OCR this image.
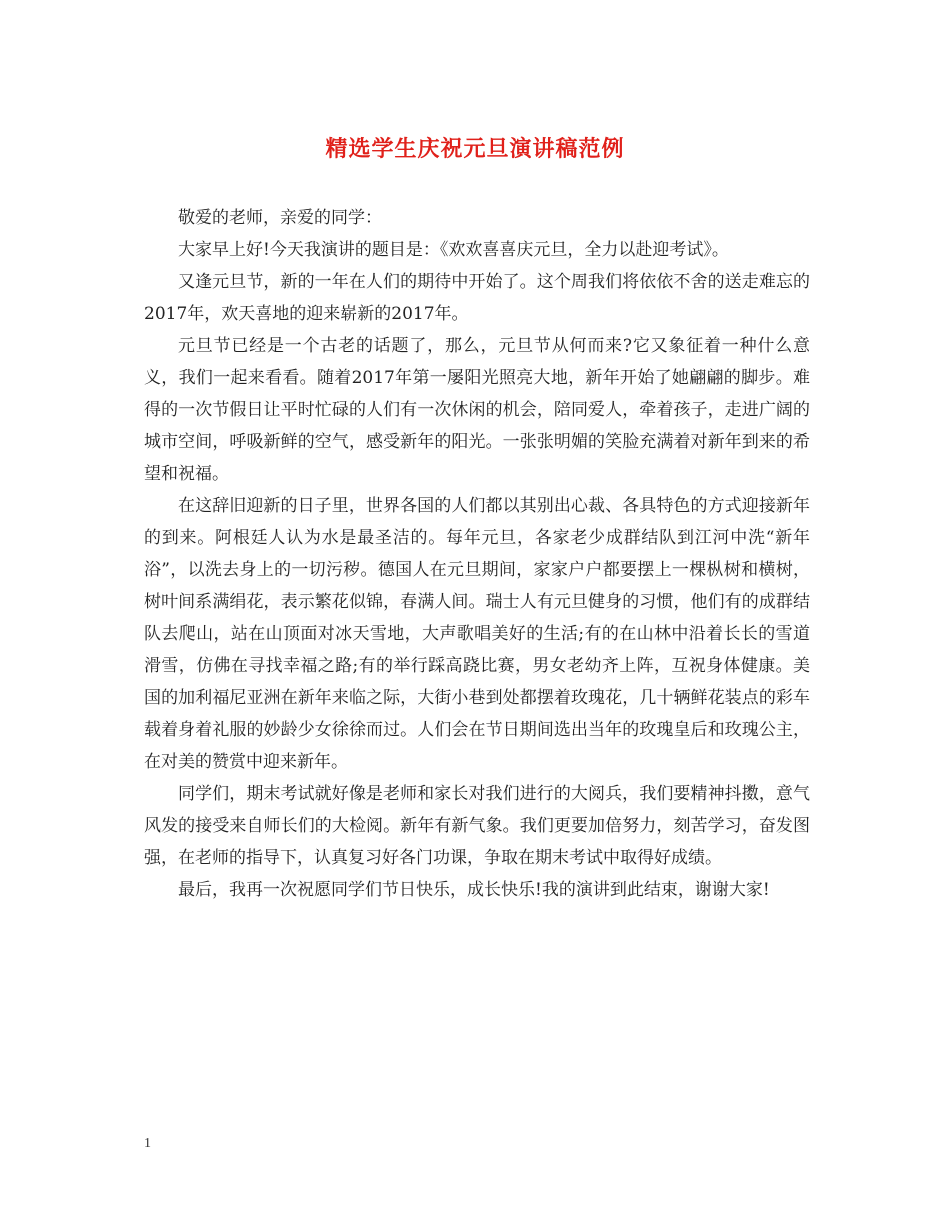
精选学生庆祝元旦演讲稿范例

敬爱的老师，亲爱的同学：

大家早上好!今天我演讲的题目是：《欢欢喜喜庆元旦，全力以赴迎考试》。

又逢元旦节，新的一年在人们的期待中开始了。这个周我们将依依不舍的送走难忘的2017年，欢天喜地的迎来崭新的2017年。

元旦节已经是一个古老的话题了，那么，元旦节从何而来?它又象征着一种什么意义，我们一起来看看。随着2017年第一屡阳光照亮大地，新年开始了她翩翩的脚步。难得的一次节假日让平时忙碌的人们有一次休闲的机会，陪同爱人，牵着孩子，走进广阔的城市空间，呼吸新鲜的空气，感受新年的阳光。一张张明媚的笑脸充满着对新年到来的希望和祝福。

在这辞旧迎新的日子里，世界各国的人们都以其别出心裁、各具特色的方式迎接新年的到来。阿根廷人认为水是最圣洁的。每年元旦，各家老少成群结队到江河中洗“新年浴”，以洗去身上的一切污秽。德国人在元旦期间，家家户户都要摆上一棵枞树和横树，树叶间系满绢花，表示繁花似锦，春满人间。瑞士人有元旦健身的习惯，他们有的成群结队去爬山，站在山顶面对冰天雪地，大声歌唱美好的生活;有的在山林中沿着长长的雪道滑雪，仿佛在寻找幸福之路;有的举行踩高跷比赛，男女老幼齐上阵，互祝身体健康。美国的加利福尼亚洲在新年来临之际，大街小巷到处都摆着玫瑰花，几十辆鲜花装点的彩车载着身着礼服的妙龄少女徐徐而过。人们会在节日期间选出当年的玫瑰皇后和玫瑰公主，在对美的赞赏中迎来新年。

同学们，期末考试就好像是老师和家长对我们进行的大阅兵，我们要精神抖擞，意气风发的接受来自师长们的大检阅。新年有新气象。我们更要加倍努力，刻苦学习，奋发图强，在老师的指导下，认真复习好各门功课，争取在期末考试中取得好成绩。

最后，我再一次祝愿同学们节日快乐，成长快乐!我的演讲到此结束，谢谢大家!

1
